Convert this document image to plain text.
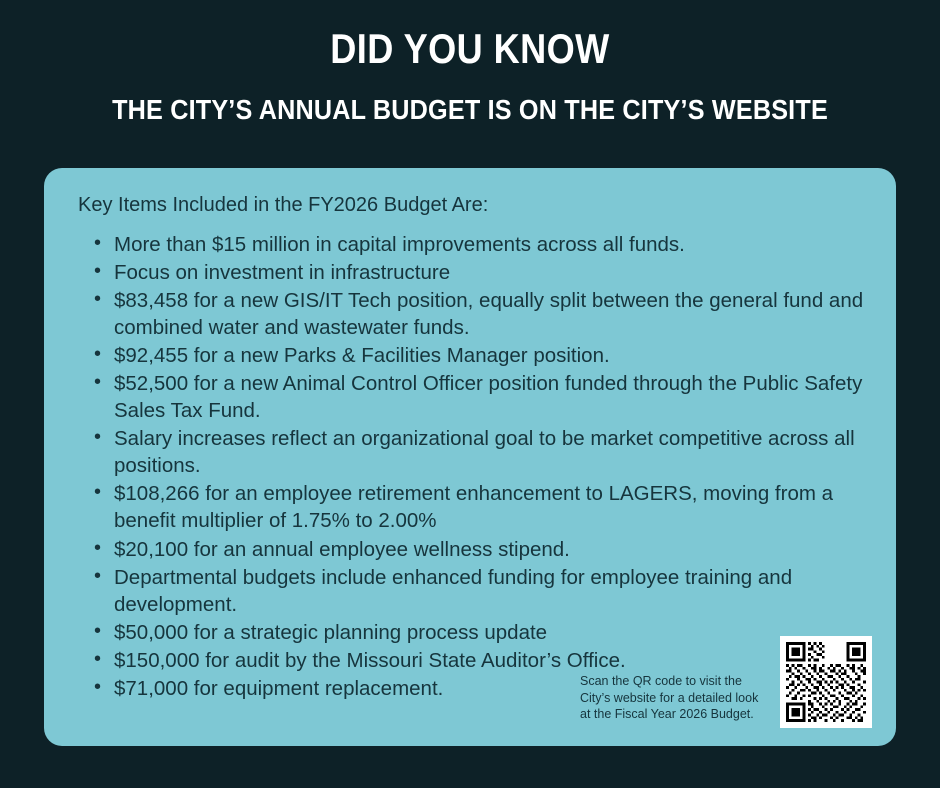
DID YOU KNOW
THE CITY’S ANNUAL BUDGET IS ON THE CITY’S WEBSITE
Key Items Included in the FY2026 Budget Are:
• More than $15 million in capital improvements across all funds.
• Focus on investment in infrastructure
• $83,458 for a new GIS/IT Tech position, equally split between the general fund and combined water and wastewater funds.
• $92,455 for a new Parks & Facilities Manager position.
• $52,500 for a new Animal Control Officer position funded through the Public Safety Sales Tax Fund.
• Salary increases reflect an organizational goal to be market competitive across all positions.
• $108,266 for an employee retirement enhancement to LAGERS, moving from a benefit multiplier of 1.75% to 2.00%
• $20,100 for an annual employee wellness stipend.
• Departmental budgets include enhanced funding for employee training and development.
• $50,000 for a strategic planning process update
• $150,000 for audit by the Missouri State Auditor’s Office.
• $71,000 for equipment replacement.	Scan the QR code to visit the City’s website for a detailed look at the Fiscal Year 2026 Budget.
